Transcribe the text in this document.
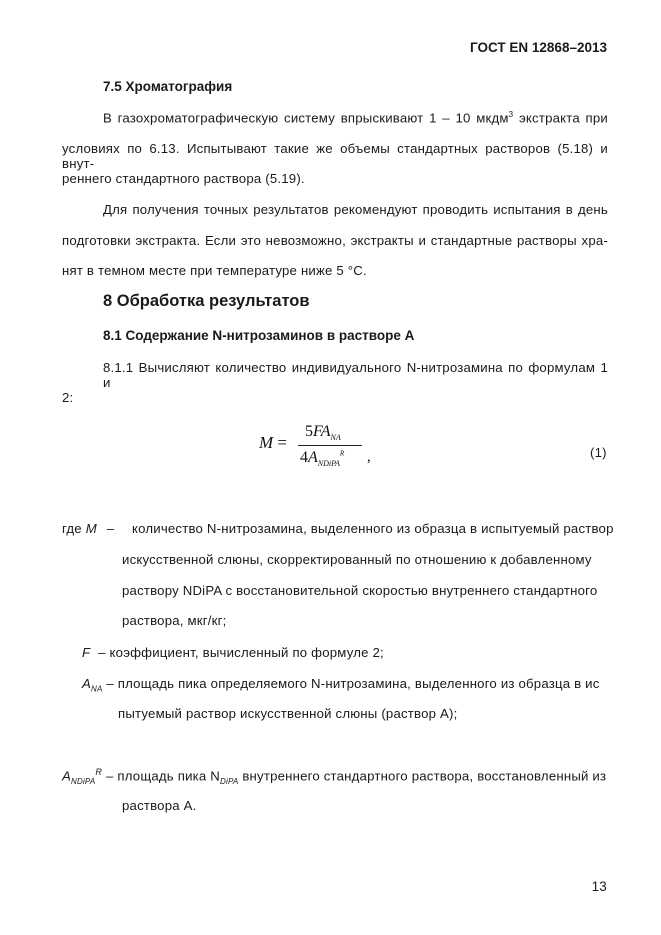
ГОСТ EN 12868–2013
7.5 Хроматография
В газохроматографическую систему впрыскивают 1 – 10 мкдм$^3$ экстракта при
условиях по 6.13. Испытывают такие же объемы стандартных растворов (5.18) и внут-
реннего стандартного раствора (5.19).
Для получения точных результатов рекомендуют проводить испытания в день
подготовки экстракта. Если это невозможно, экстракты и стандартные растворы хра-
нят в темном месте при температуре ниже 5 °С.
8 Обработка результатов
8.1 Содержание N-нитрозаминов в растворе А
8.1.1 Вычисляют количество индивидуального N-нитрозамина по формулам 1 и
2:
M =
$5FA_{NA}$
$4A_{NDiPA}^R$ ,	(1)
где M – количество N-нитрозамина, выделенного из образца в испытуемый раствор
искусственной слюны, скорректированный по отношению к добавленному
раствору NDiPA с восстановительной скоростью внутреннего стандартного
раствора, мкг/кг;
F – коэффициент, вычисленный по формуле 2;
$A_{NA}$ – площадь пика определяемого N-нитрозамина, выделенного из образца в ис
пытуемый раствор искусственной слюны (раствор А);
$A_{NDiPA}^R$ – площадь пика $N_{DiPA}$ внутреннего стандартного раствора, восстановленный из
раствора А.
13
